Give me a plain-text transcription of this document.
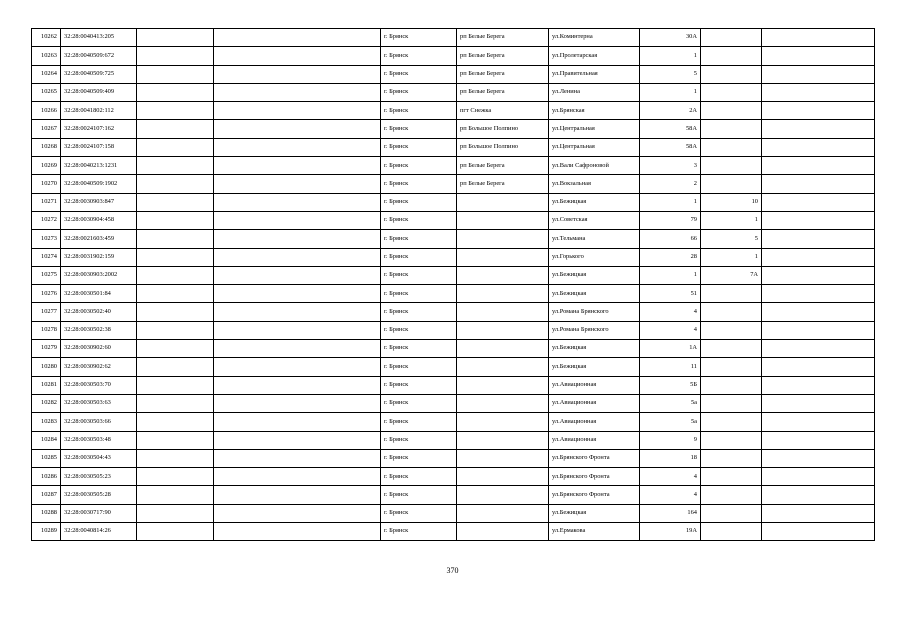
10262	32:28:0040413:205			г. Брянск	рп Белые Берега	ул.Коминтерна	30А		
10263	32:28:0040509:672			г. Брянск	рп Белые Берега	ул.Пролетарская	1		
10264	32:28:0040509:725			г. Брянск	рп Белые Берега	ул.Правительная	5		
10265	32:28:0040509:409			г. Брянск	рп Белые Берега	ул.Ленина	1		
10266	32:28:0041802:112			г. Брянск	пгт Снежка	ул.Брянская	2А		
10267	32:28:0024107:162			г. Брянск	рп Большое Полпино	ул.Центральная	58А		
10268	32:28:0024107:158			г. Брянск	рп Большое Полпино	ул.Центральная	58А		
10269	32:28:0040213:1231			г. Брянск	рп Белые Берега	ул.Вали Сафроновой	3		
10270	32:28:0040509:1902			г. Брянск	рп Белые Берега	ул.Вокзальная	2		
10271	32:28:0030903:847			г. Брянск		ул.Бежицкая	1	10	
10272	32:28:0030904:458			г. Брянск		ул.Советская	79	1	
10273	32:28:0021603:459			г. Брянск		ул.Тельмана	66	5	
10274	32:28:0031902:159			г. Брянск		ул.Горького	28	1	
10275	32:28:0030903:2002			г. Брянск		ул.Бежицкая	1	7А	
10276	32:28:0030501:84			г. Брянск		ул.Бежицкая	51		
10277	32:28:0030502:40			г. Брянск		ул.Романа Брянского	4		
10278	32:28:0030502:38			г. Брянск		ул.Романа Брянского	4		
10279	32:28:0030902:60			г. Брянск		ул.Бежицкая	1А		
10280	32:28:0030902:62			г. Брянск		ул.Бежицкая	11		
10281	32:28:0030503:70			г. Брянск		ул.Авиационная	5Б		
10282	32:28:0030503:63			г. Брянск		ул.Авиационная	5а		
10283	32:28:0030503:66			г. Брянск		ул.Авиационная	5а		
10284	32:28:0030503:48			г. Брянск		ул.Авиационная	9		
10285	32:28:0030504:43			г. Брянск		ул.Брянского Фронта	18		
10286	32:28:0030505:23			г. Брянск		ул.Брянского Фронта	4		
10287	32:28:0030505:28			г. Брянск		ул.Брянского Фронта	4		
10288	32:28:0030717:90			г. Брянск		ул.Бежицкая	164		
10289	32:28:0040814:26			г. Брянск		ул.Ермакова	19А		
370
